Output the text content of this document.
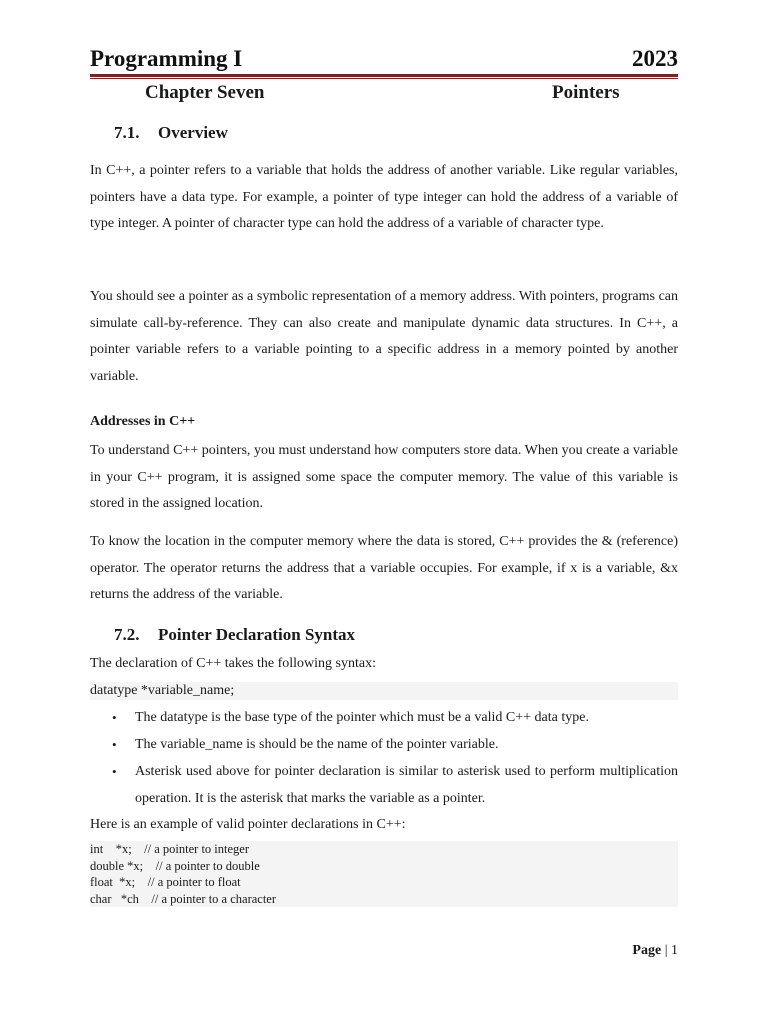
Programming I	2023
Chapter Seven	Pointers
7.1. Overview

In C++, a pointer refers to a variable that holds the address of another variable. Like regular variables, pointers have a data type. For example, a pointer of type integer can hold the address of a variable of type integer. A pointer of character type can hold the address of a variable of character type.

You should see a pointer as a symbolic representation of a memory address. With pointers, programs can simulate call-by-reference. They can also create and manipulate dynamic data structures. In C++, a pointer variable refers to a variable pointing to a specific address in a memory pointed by another variable.

Addresses in C++

To understand C++ pointers, you must understand how computers store data. When you create a variable in your C++ program, it is assigned some space the computer memory. The value of this variable is stored in the assigned location.

To know the location in the computer memory where the data is stored, C++ provides the & (reference) operator. The operator returns the address that a variable occupies. For example, if x is a variable, &x returns the address of the variable.

7.2. Pointer Declaration Syntax
The declaration of C++ takes the following syntax:
datatype *variable_name;
• The datatype is the base type of the pointer which must be a valid C++ data type.
• The variable_name is should be the name of the pointer variable.
• Asterisk used above for pointer declaration is similar to asterisk used to perform multiplication operation. It is the asterisk that marks the variable as a pointer.
Here is an example of valid pointer declarations in C++:
int    *x;    // a pointer to integer
double *x;    // a pointer to double
float  *x;    // a pointer to float
char   *ch    // a pointer to a character
Page | 1
